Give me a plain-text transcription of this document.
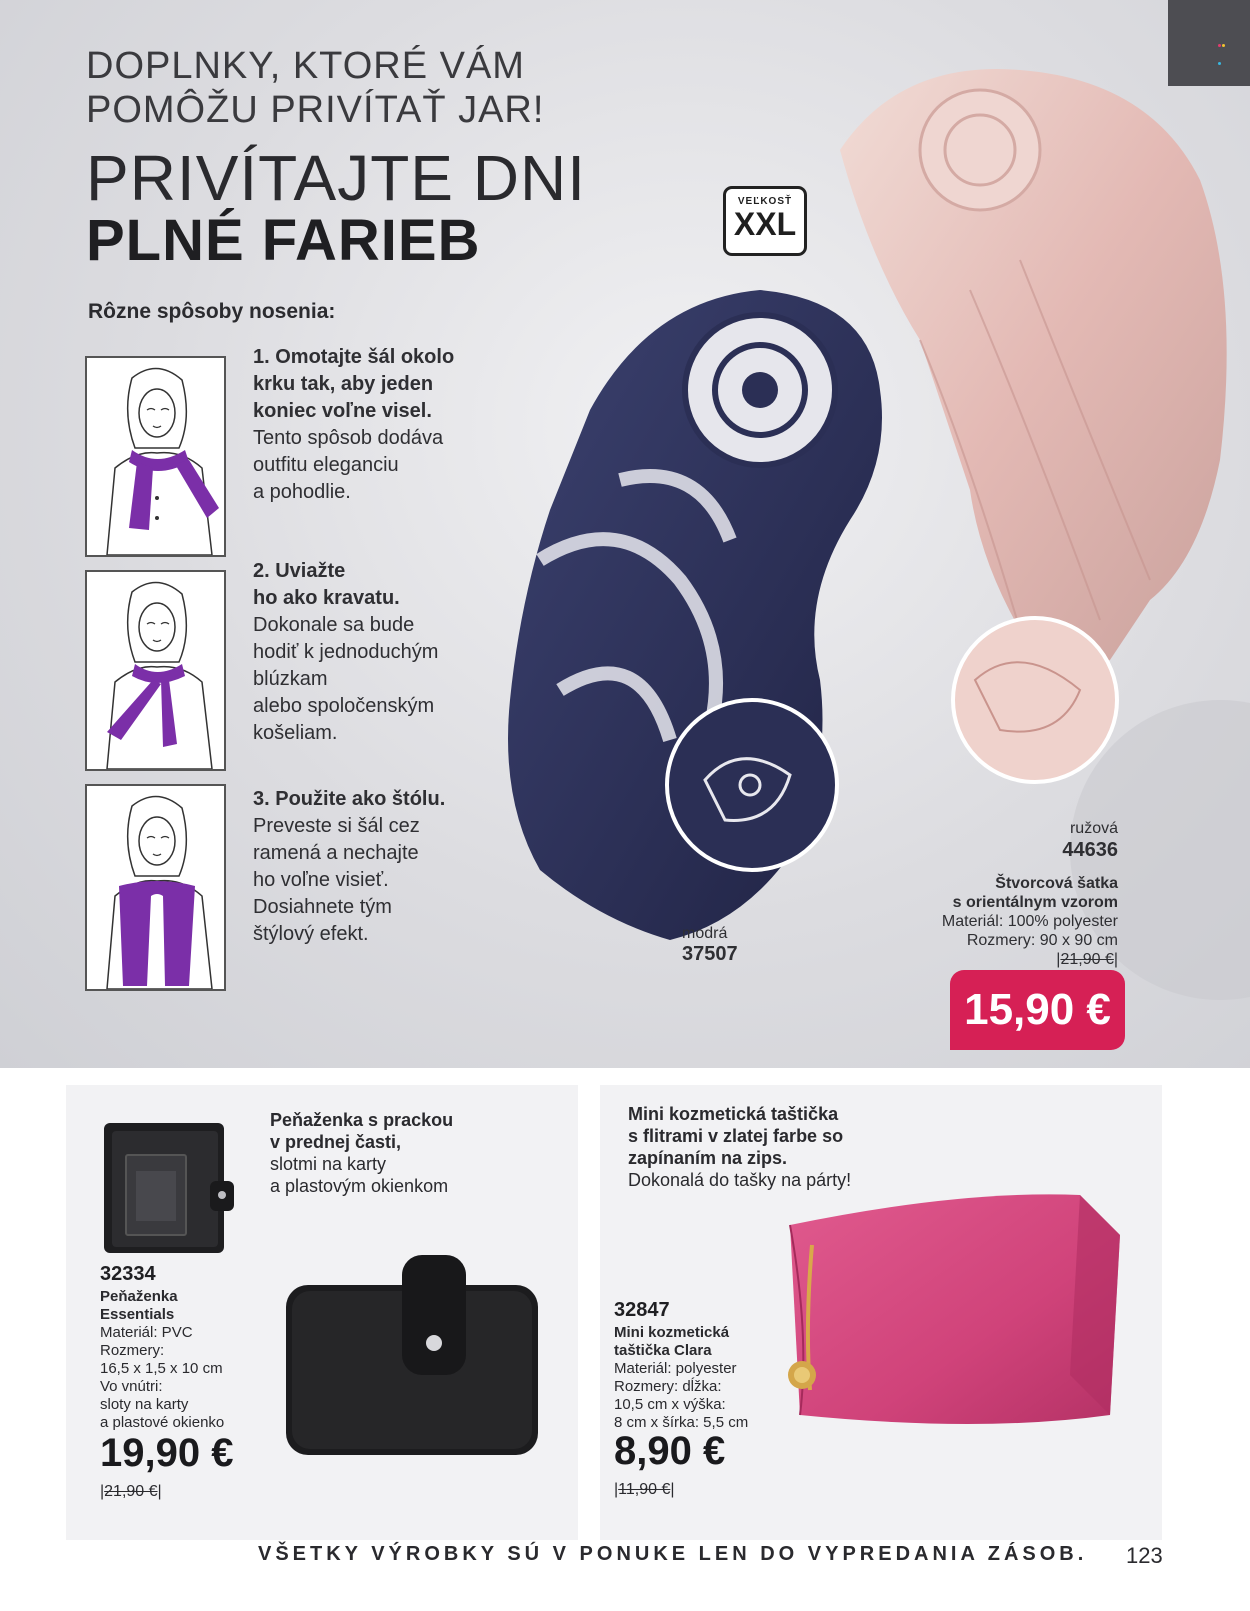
DOPLNKY, KTORÉ VÁM
POMÔŽU PRIVÍTAŤ JAR!
PRIVÍTAJTE DNI
PLNÉ FARIEB
VEĽKOSŤ
XXL
Rôzne spôsoby nosenia:
1. Omotajte šál okolo
krku tak, aby jeden
koniec voľne visel.
Tento spôsob dodáva
outfitu eleganciu
a pohodlie.
2. Uviažte
ho ako kravatu.
Dokonale sa bude
hodiť k jednoduchým
blúzkam
alebo spoločenským
košeliam.
3. Použite ako štólu.
Preveste si šál cez
ramená a nechajte
ho voľne visieť.
Dosiahnete tým
štýlový efekt.
ružová
44636
Štvorcová šatka
s orientálnym vzorom
Materiál: 100% polyester
Rozmery: 90 x 90 cm
|21,90 €|
modrá
37507
15,90 €
Peňaženka s prackou
v prednej časti,
slotmi na karty
a plastovým okienkom
32334
Peňaženka
Essentials
Materiál: PVC
Rozmery:
16,5 x 1,5 x 10 cm
Vo vnútri:
sloty na karty
a plastové okienko
19,90 €
|21,90 €|
Mini kozmetická taštička
s flitrami v zlatej farbe so
zapínaním na zips.
Dokonalá do tašky na párty!
32847
Mini kozmetická
taštička Clara
Materiál: polyester
Rozmery: dĺžka:
10,5 cm x výška:
8 cm x šírka: 5,5 cm
8,90 €
|11,90 €|
VŠETKY VÝROBKY SÚ V PONUKE LEN DO VYPREDANIA ZÁSOB. 123
